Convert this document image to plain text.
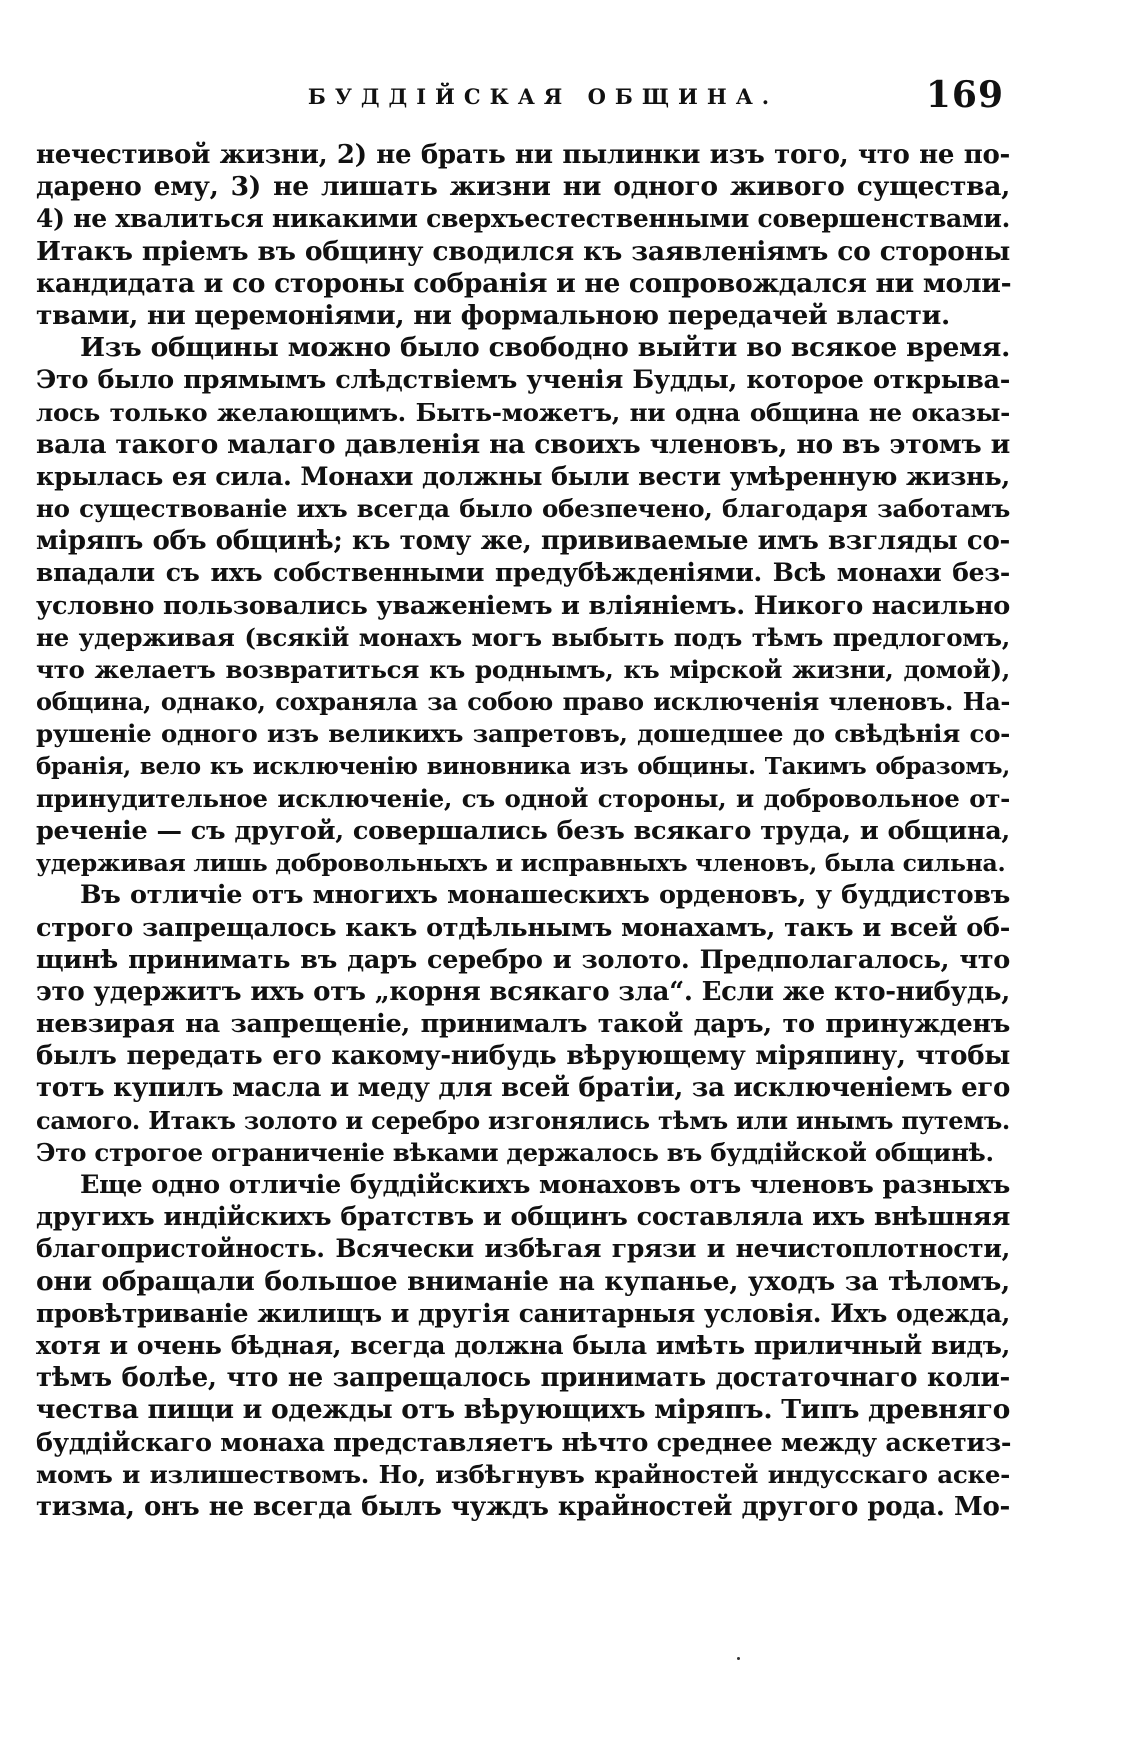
БУДДІЙСКАЯ ОБЩИНА.	169
нечестивой жизни, 2) не брать ни пылинки изъ того, что не по-
дарено ему, 3) не лишать жизни ни одного живого существа,
4) не хвалиться никакими сверхъестественными совершенствами.
Итакъ пріемъ въ общину сводился къ заявленіямъ со стороны
кандидата и со стороны собранія и не сопровождался ни моли-
твами, ни церемоніями, ни формальною передачей власти.
Изъ общины можно было свободно выйти во всякое время.
Это было прямымъ слѣдствіемъ ученія Будды, которое открыва-
лось только желающимъ. Быть-можетъ, ни одна община не оказы-
вала такого малаго давленія на своихъ членовъ, но въ этомъ и
крылась ея сила. Монахи должны были вести умѣренную жизнь,
но существованіе ихъ всегда было обезпечено, благодаря заботамъ
міряпъ объ общинѣ; къ тому же, прививаемые имъ взгляды со-
впадали съ ихъ собственными предубѣжденіями. Всѣ монахи без-
условно пользовались уваженіемъ и вліяніемъ. Никого насильно
не удерживая (всякій монахъ могъ выбыть подъ тѣмъ предлогомъ,
что желаетъ возвратиться къ роднымъ, къ мірской жизни, домой),
община, однако, сохраняла за собою право исключенія членовъ. На-
рушеніе одного изъ великихъ запретовъ, дошедшее до свѣдѣнія со-
бранія, вело къ исключенію виновника изъ общины. Такимъ образомъ,
принудительное исключеніе, съ одной стороны, и добровольное от-
реченіе — съ другой, совершались безъ всякаго труда, и община,
удерживая лишь добровольныхъ и исправныхъ членовъ, была сильна.
Въ отличіе отъ многихъ монашескихъ орденовъ, у буддистовъ
строго запрещалось какъ отдѣльнымъ монахамъ, такъ и всей об-
щинѣ принимать въ даръ серебро и золото. Предполагалось, что
это удержитъ ихъ отъ „корня всякаго зла“. Если же кто-нибудь,
невзирая на запрещеніе, принималъ такой даръ, то принужденъ
былъ передать его какому-нибудь вѣрующему міряпину, чтобы
тотъ купилъ масла и меду для всей братіи, за исключеніемъ его
самого. Итакъ золото и серебро изгонялись тѣмъ или инымъ путемъ.
Это строгое ограниченіе вѣками держалось въ буддійской общинѣ.
Еще одно отличіе буддійскихъ монаховъ отъ членовъ разныхъ
другихъ индійскихъ братствъ и общинъ составляла ихъ внѣшняя
благопристойность. Всячески избѣгая грязи и нечистоплотности,
они обращали большое вниманіе на купанье, уходъ за тѣломъ,
провѣтриваніе жилищъ и другія санитарныя условія. Ихъ одежда,
хотя и очень бѣдная, всегда должна была имѣть приличный видъ,
тѣмъ болѣе, что не запрещалось принимать достаточнаго коли-
чества пищи и одежды отъ вѣрующихъ міряпъ. Типъ древняго
буддійскаго монаха представляетъ нѣчто среднее между аскетиз-
момъ и излишествомъ. Но, избѣгнувъ крайностей индусскаго аске-
тизма, онъ не всегда былъ чуждъ крайностей другого рода. Мо-
